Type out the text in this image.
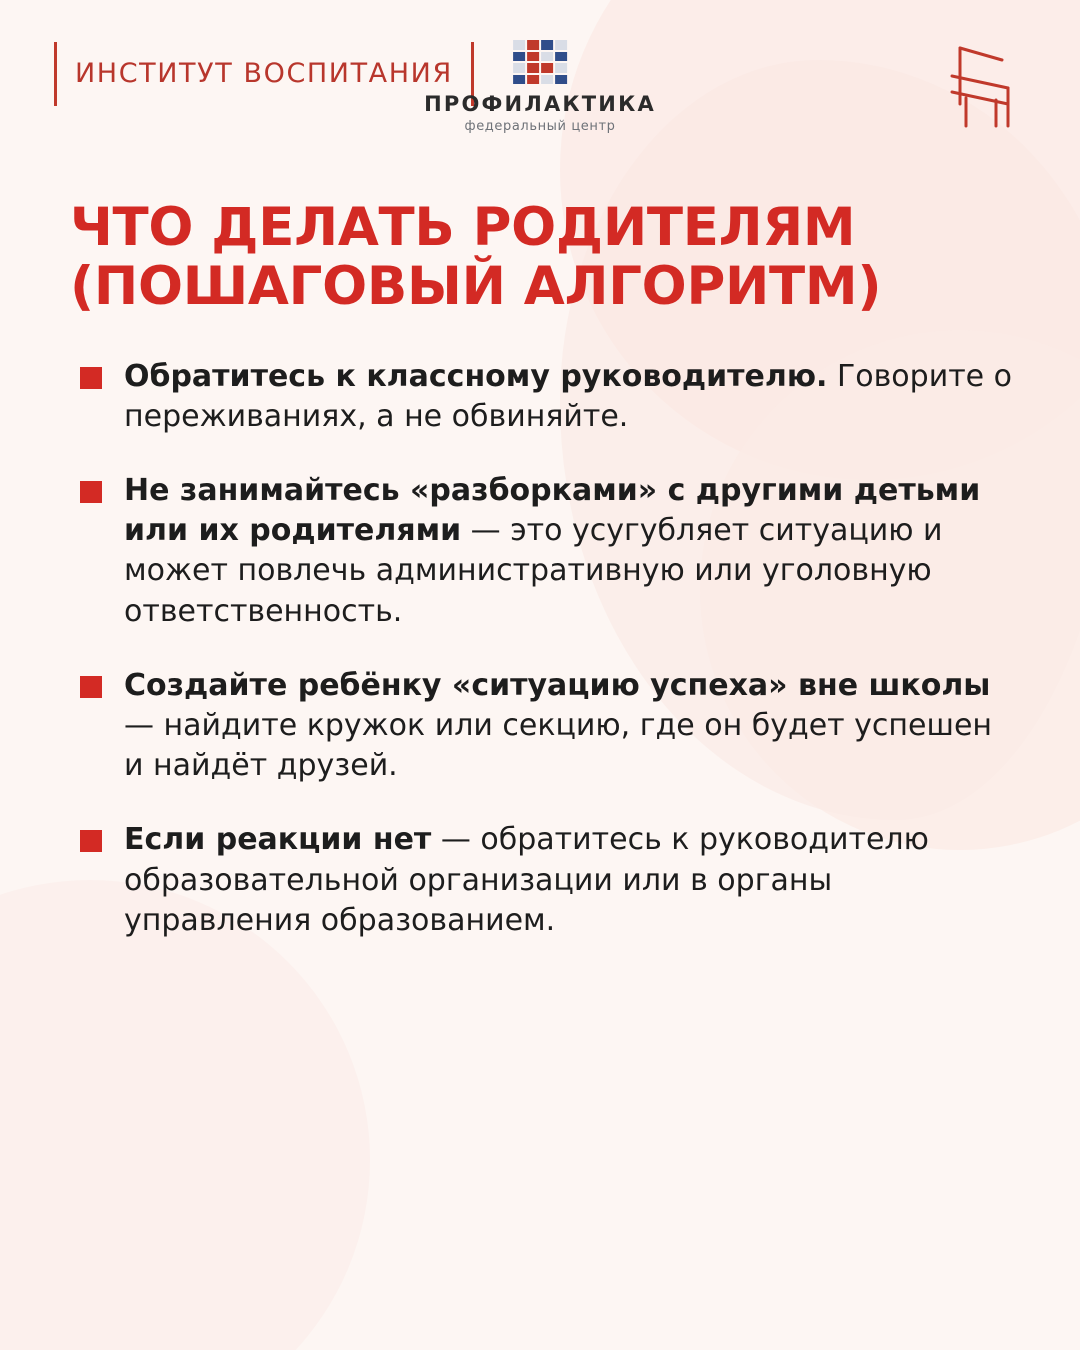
ИНСТИТУТ ВОСПИТАНИЯ
ПРОФИЛАКТИКА
федеральный центр
ЧТО ДЕЛАТЬ РОДИТЕЛЯМ
(ПОШАГОВЫЙ АЛГОРИТМ)
Обратитесь к классному руководителю. Говорите о переживаниях, а не обвиняйте.
Не занимайтесь «разборками» с другими детьми или их родителями — это усугубляет ситуацию и может повлечь административную или уголовную ответственность.
Создайте ребёнку «ситуацию успеха» вне школы — найдите кружок или секцию, где он будет успешен и найдёт друзей.
Если реакции нет — обратитесь к руководителю образовательной организации или в органы управления образованием.
